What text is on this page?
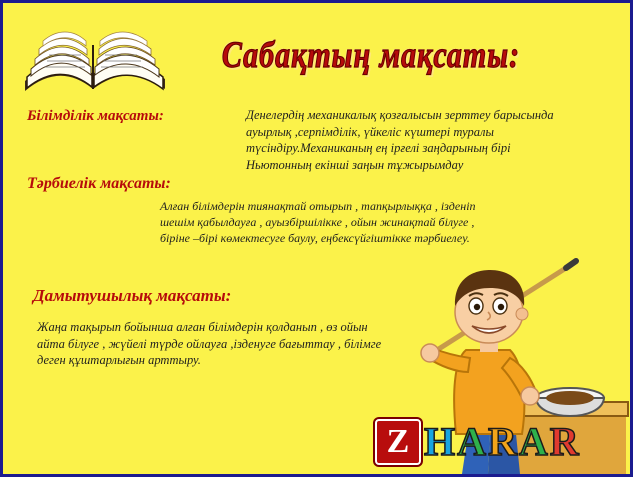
Сабақтың мақсаты:
Білімділік мақсаты:	Денелердің механикалық қозғалысын зерттеу барысында ауырлық ,серпімділік, үйкеліс күштері туралы түсіндіру.Механиканың ең ірғелі заңдарының бірі Ньютонның екінші заңын тұжырымдау
Тәрбиелік мақсаты:
Алған білімдерін тиянақтай отырып , тапқырлыққа , ізденіп шешім қабылдауға , ауызбіршілікке , ойын жинақтай білуге , біріне –бірі көмектесуге баулу, еңбексүйгіштікке тәрбиелеу.
Дамытушылық мақсаты:
Жаңа тақырып бойынша алған білімдерін қолданып , өз ойын айта білуге , жүйелі түрде ойлауға ,ізденуге бағыттау , білімге деген құштарлығын арттыру.
Z H A R A R
